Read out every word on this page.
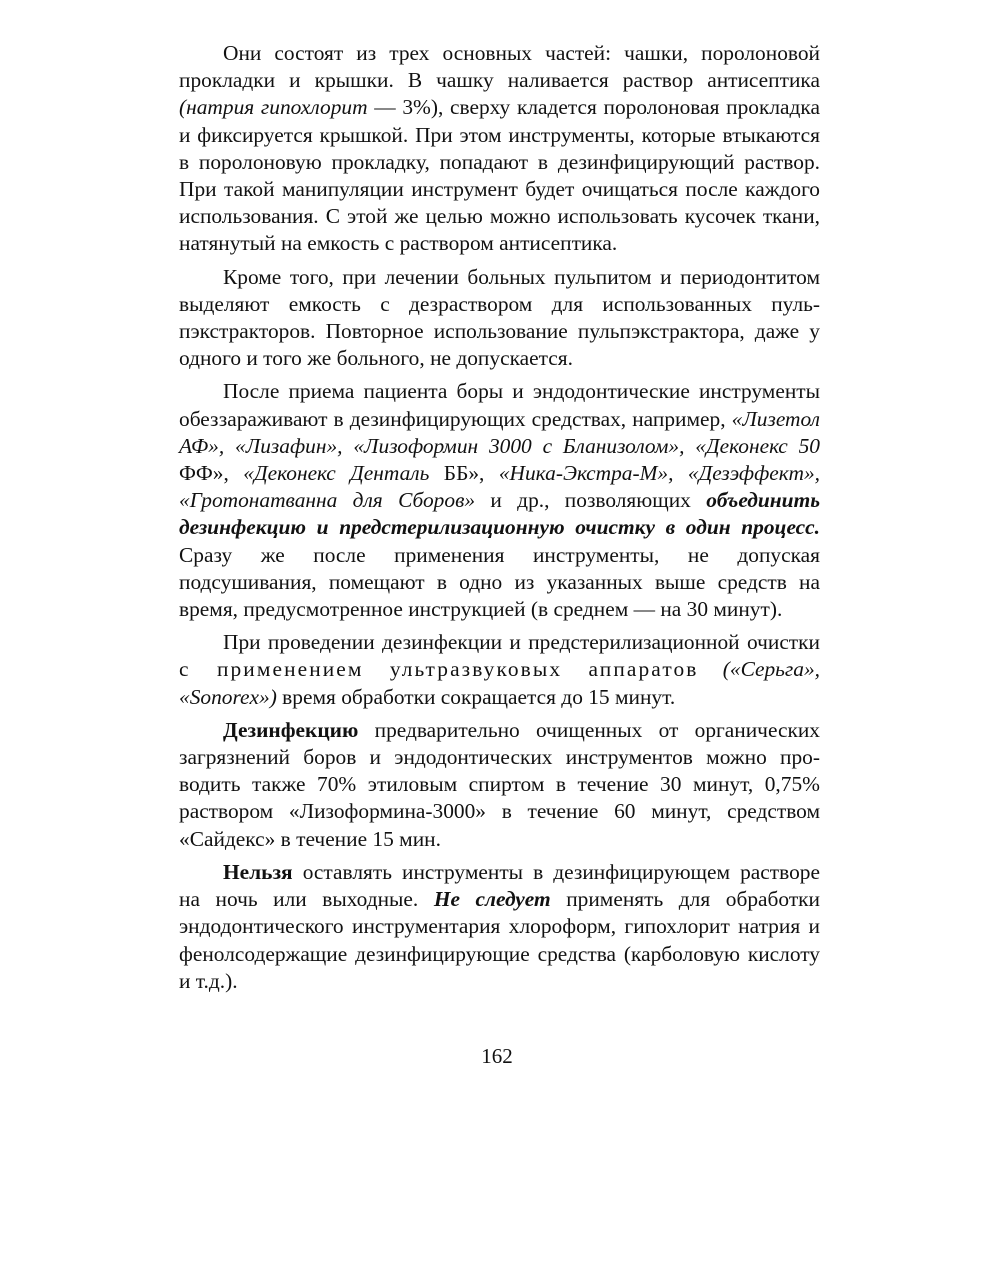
Они состоят из трех основных частей: чашки, поролоновой прокладки и крышки. В чашку наливается раствор антисептика (натрия гипохлорит — 3%), сверху кладется поролоновая прокладка и фиксируется крышкой. При этом инструменты, которые втыкаются в поролоновую прокладку, попадают в дезинфицирующий раствор. При такой манипуляции инструмент будет очищаться после каждого использования. С этой же целью можно использовать кусочек ткани, натянутый на емкость с раствором антисептика.

Кроме того, при лечении больных пульпитом и периодонтитом выделяют емкость с дезраствором для использованных пульпэкстракторов. Повторное использование пульпэкстрактора, даже у одного и того же больного, не допускается.

После приема пациента боры и эндодонтические инструменты обеззараживают в дезинфицирующих средствах, например, «Лизетол АФ», «Лизафин», «Лизоформин 3000 с Бланизолом», «Деконекс 50 ФФ», «Деконекс Денталь ББ», «Ника-Экстра-М», «Дезэффект», «Гротонатванна для Сборов» и др., позволяющих объединить дезинфекцию и предстерилизационную очистку в один процесс. Сразу же после применения инструменты, не допуская подсушивания, помещают в одно из указанных выше средств на время, предусмотренное инструкцией (в среднем — на 30 минут).

При проведении дезинфекции и предстерилизационной очистки с применением ультразвуковых аппаратов («Серьга», «Sonorex») время обработки сокращается до 15 минут.

Дезинфекцию предварительно очищенных от органических загрязнений боров и эндодонтических инструментов можно проводить также 70% этиловым спиртом в течение 30 минут, 0,75% раствором «Лизоформина-3000» в течение 60 минут, средством «Сайдекс» в течение 15 мин.

Нельзя оставлять инструменты в дезинфицирующем растворе на ночь или выходные. Не следует применять для обработки эндодонтического инструментария хлороформ, гипохлорит натрия и фенолсодержащие дезинфицирующие средства (карболовую кислоту и т.д.).

162
